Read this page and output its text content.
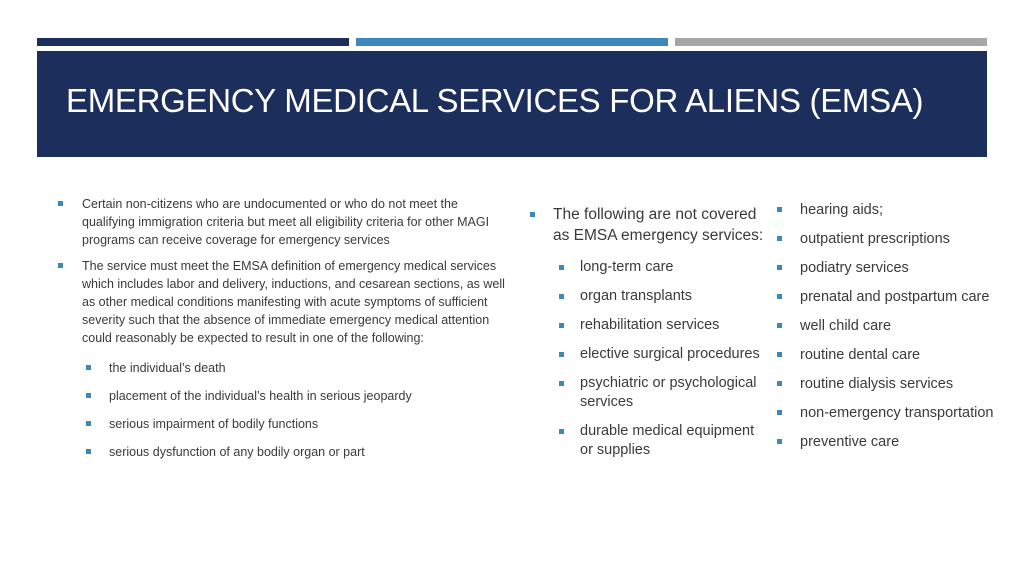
EMERGENCY MEDICAL SERVICES FOR ALIENS (EMSA)
Certain non-citizens who are undocumented or who do not meet the qualifying immigration criteria but meet all eligibility criteria for other MAGI programs can receive coverage for emergency services
The service must meet the EMSA definition of emergency medical services which includes labor and delivery, inductions, and cesarean sections, as well as other medical conditions manifesting with acute symptoms of sufficient severity such that the absence of immediate emergency medical attention could reasonably be expected to result in one of the following:
the individual’s death
placement of the individual’s health in serious jeopardy
serious impairment of bodily functions
serious dysfunction of any bodily organ or part
The following are not covered as EMSA emergency services:
long-term care
organ transplants
rehabilitation services
elective surgical procedures
psychiatric or psychological services
durable medical equipment or supplies
hearing aids;
outpatient prescriptions
podiatry services
prenatal and postpartum care
well child care
routine dental care
routine dialysis services
non-emergency transportation
preventive care
